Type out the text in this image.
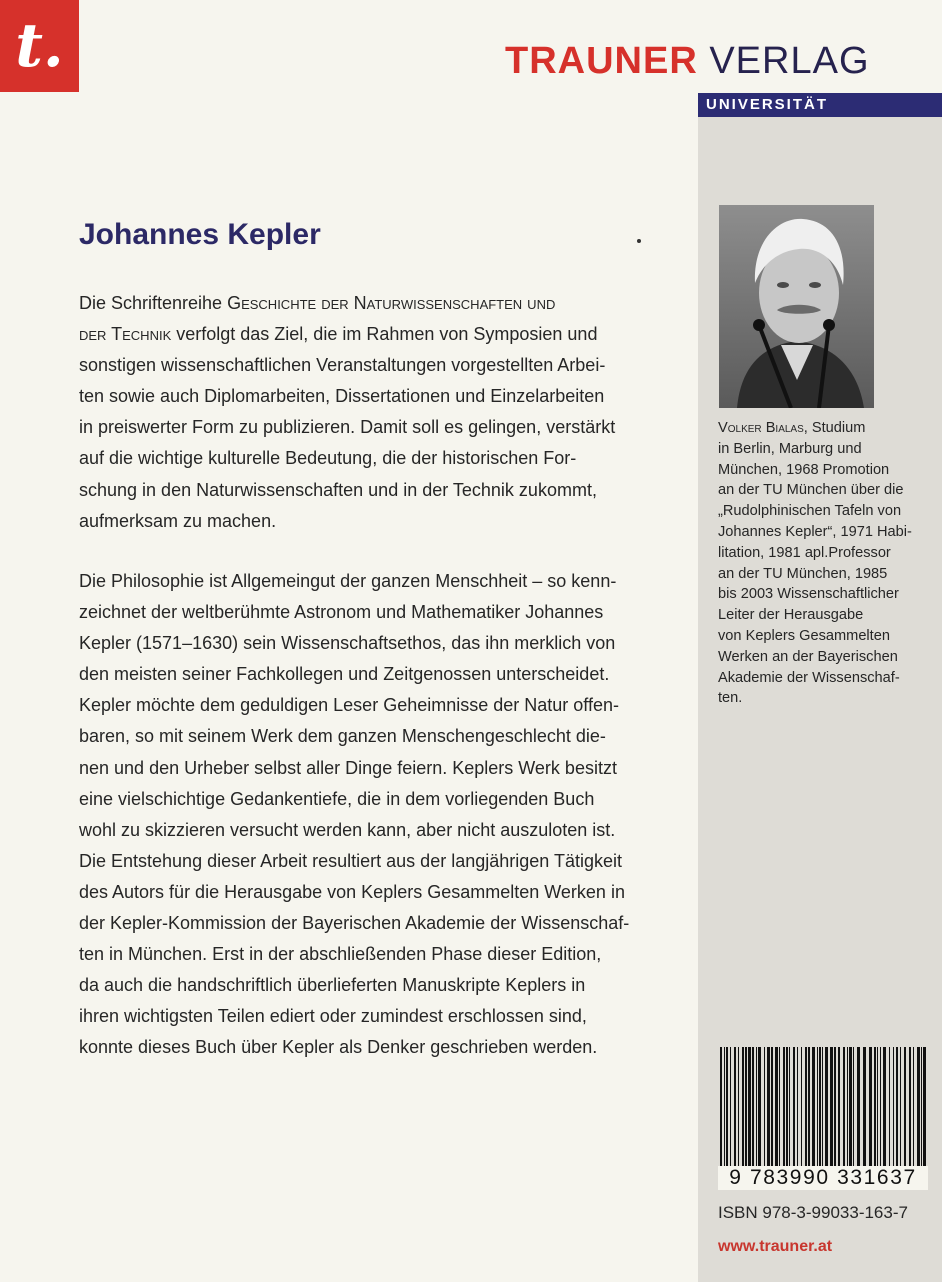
t.	TRAUNER VERLAG
UNIVERSITÄT
Johannes Kepler
Die Schriftenreihe Geschichte der Naturwissenschaften und
der Technik verfolgt das Ziel, die im Rahmen von Symposien und
sonstigen wissenschaftlichen Veranstaltungen vorgestellten Arbei-
ten sowie auch Diplomarbeiten, Dissertationen und Einzelarbeiten
in preiswerter Form zu publizieren. Damit soll es gelingen, verstärkt
auf die wichtige kulturelle Bedeutung, die der historischen For-
schung in den Naturwissenschaften und in der Technik zukommt,
aufmerksam zu machen.
Die Philosophie ist Allgemeingut der ganzen Menschheit – so kenn-
zeichnet der weltberühmte Astronom und Mathematiker Johannes
Kepler (1571–1630) sein Wissenschaftsethos, das ihn merklich von
den meisten seiner Fachkollegen und Zeitgenossen unterscheidet.
Kepler möchte dem geduldigen Leser Geheimnisse der Natur offen-
baren, so mit seinem Werk dem ganzen Menschengeschlecht die-
nen und den Urheber selbst aller Dinge feiern. Keplers Werk besitzt
eine vielschichtige Gedankentiefe, die in dem vorliegenden Buch
wohl zu skizzieren versucht werden kann, aber nicht auszuloten ist.
Die Entstehung dieser Arbeit resultiert aus der langjährigen Tätigkeit
des Autors für die Herausgabe von Keplers Gesammelten Werken in
der Kepler-Kommission der Bayerischen Akademie der Wissenschaf-
ten in München. Erst in der abschließenden Phase dieser Edition,
da auch die handschriftlich überlieferten Manuskripte Keplers in
ihren wichtigsten Teilen ediert oder zumindest erschlossen sind,
konnte dieses Buch über Kepler als Denker geschrieben werden.
Volker Bialas, Studium
in Berlin, Marburg und
München, 1968 Promotion
an der TU München über die
„Rudolphinischen Tafeln von
Johannes Kepler“, 1971 Habi-
litation, 1981 apl.Professor
an der TU München, 1985
bis 2003 Wissenschaftlicher
Leiter der Herausgabe
von Keplers Gesammelten
Werken an der Bayerischen
Akademie der Wissenschaf-
ten.
9 783990 331637
ISBN 978-3-99033-163-7
www.trauner.at
